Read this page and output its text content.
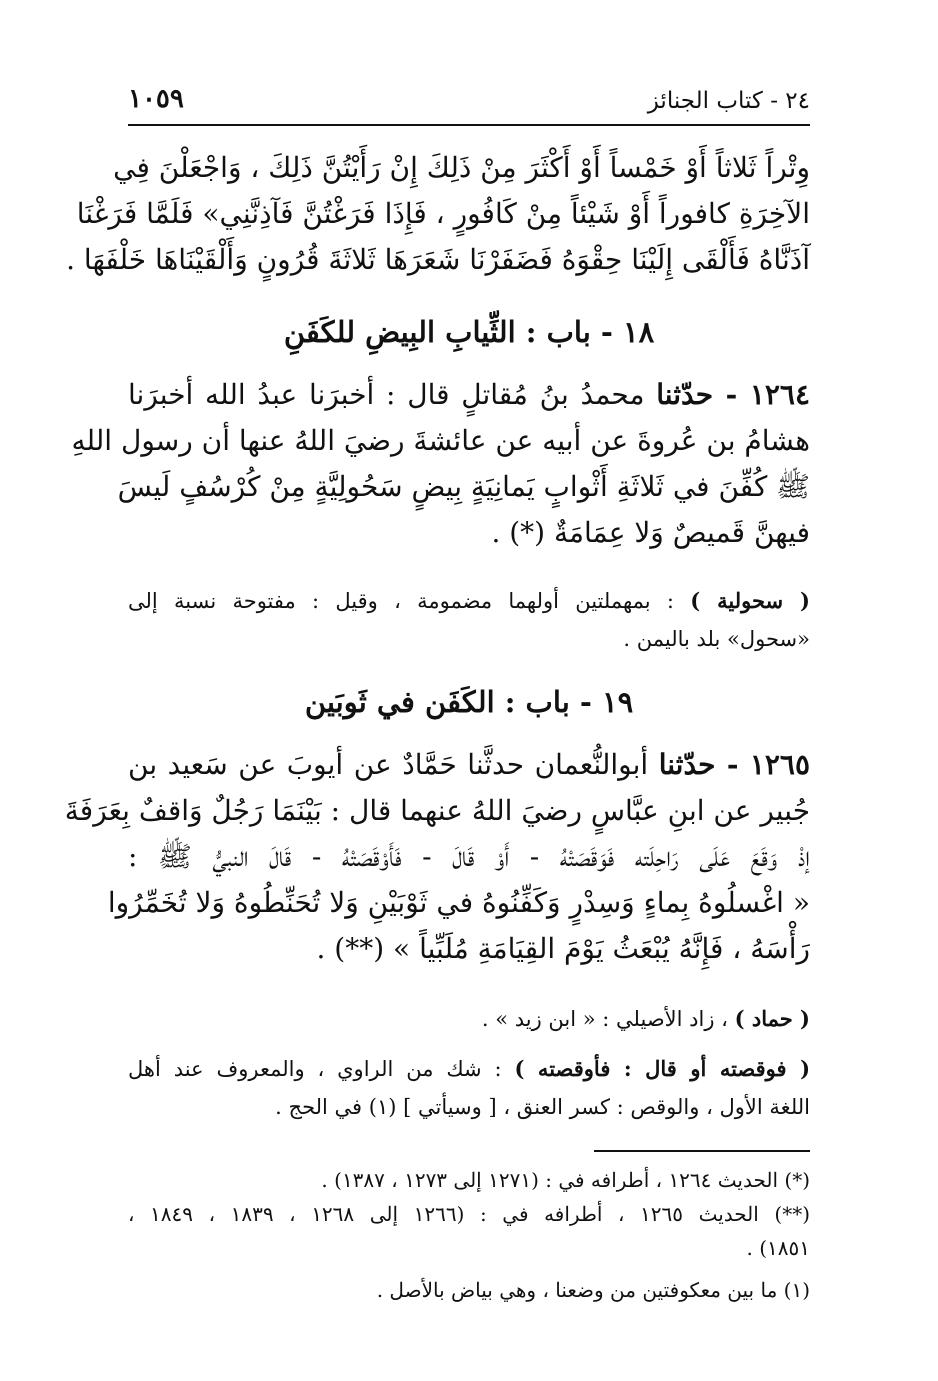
٢٤ - كتاب الجنائز
١٠٥٩
وِتْراً ثَلاثاً أَوْ خَمْساً أَوْ أَكْثَرَ مِنْ ذَلِكَ إِنْ رَأَيْتُنَّ ذَلِكَ ، وَاجْعَلْنَ فِي
الآخِرَةِ كافوراً أَوْ شَيْئاً مِنْ كَافُورٍ ، فَإِذَا فَرَغْتُنَّ فَآذِنَّنِي» فَلَمَّا فَرَغْنَا
آذَنَّاهُ فَأَلْقَى إِلَيْنَا حِقْوَهُ فَضَفَرْنَا شَعَرَهَا ثَلاثَةَ قُرُونٍ وَأَلْقَيْنَاهَا خَلْفَهَا .
١٨ - باب : الثِّيابِ البِيضِ للكَفَنِ
١٢٦٤ - حدّثنا محمدُ بنُ مُقاتلٍ قال : أخبرَنا عبدُ الله أخبرَنا
هشامُ بن عُروةَ عن أبيه عن عائشةَ رضيَ اللهُ عنها أن رسول اللهِ
ﷺ كُفِّنَ في ثَلاثَةِ أَثْوابٍ يَمانِيَةٍ بِيضٍ سَحُولِيَّةٍ مِنْ كُرْسُفٍ لَيسَ
فيهنَّ قَميصٌ وَلا عِمَامَةٌ (*) .
( سحولية ) : بمهملتين أولهما مضمومة ، وقيل : مفتوحة نسبة إلى
«سحول» بلد باليمن .
١٩ - باب : الكَفَن في ثَوبَين
١٢٦٥ - حدّثنا أبوالنُّعمان حدثَّنا حَمَّادٌ عن أيوبَ عن سَعيد بن
جُبير عن ابنِ عبَّاسٍ رضيَ اللهُ عنهما قال : بَيْنَمَا رَجُلٌ وَاقفٌ بِعَرَفَةَ
إذْ وَقَعَ عَلَى رَاحِلَته فَوَقَصَتْهُ - أَوْ قَالَ - فَأَوْقَصَتْهُ - قَالَ النبيُّ ﷺ :
« اغْسلُوهُ بِماءٍ وَسِدْرٍ وَكَفِّنُوهُ في ثَوْبَيْنِ وَلا تُحَنِّطُوهُ وَلا تُخَمِّرُوا
رَأْسَهُ ، فَإِنَّهُ يُبْعَثُ يَوْمَ القِيَامَةِ مُلَبِّياً » (**) .
( حماد ) ، زاد الأصيلي : « ابن زيد » .
( فوقصته أو قال : فأوقصته ) : شك من الراوي ، والمعروف عند أهل
اللغة الأول ، والوقص : كسر العنق ، [ وسيأتي ] (١) في الحج .
(*) الحديث ١٢٦٤ ، أطرافه في : (١٢٧١ إلى ١٢٧٣ ، ١٣٨٧) .
(**) الحديث ١٢٦٥ ، أطرافه في : (١٢٦٦ إلى ١٢٦٨ ، ١٨٣٩ ، ١٨٤٩ ،
١٨٥١) .
(١) ما بين معكوفتين من وضعنا ، وهي بياض بالأصل .
